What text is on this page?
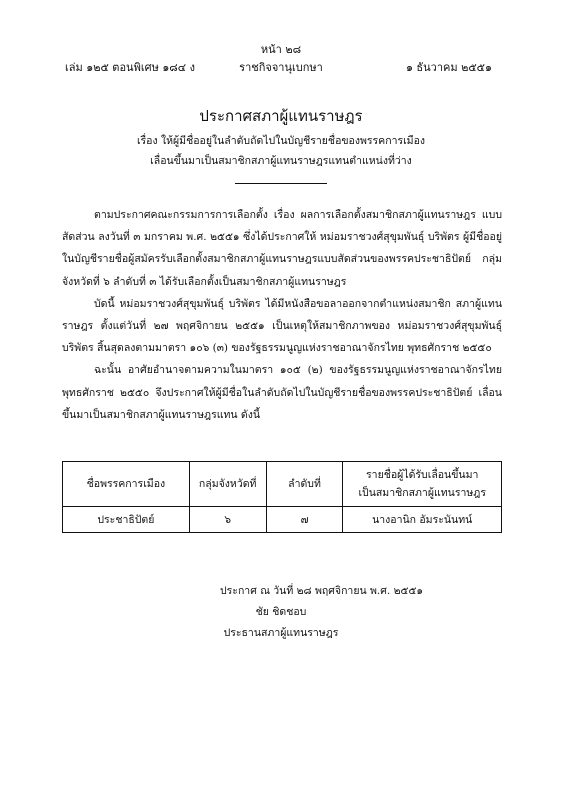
หน้า ๒๘
เล่ม ๑๒๕ ตอนพิเศษ ๑๘๔ ง	ราชกิจจานุเบกษา	๑ ธันวาคม ๒๕๕๑
ประกาศสภาผู้แทนราษฎร
เรื่อง ให้ผู้มีชื่ออยู่ในลำดับถัดไปในบัญชีรายชื่อของพรรคการเมือง
เลื่อนขึ้นมาเป็นสมาชิกสภาผู้แทนราษฎรแทนตำแหน่งที่ว่าง

ตามประกาศคณะกรรมการการเลือกตั้ง เรื่อง ผลการเลือกตั้งสมาชิกสภาผู้แทนราษฎร แบบสัดส่วน ลงวันที่ ๓ มกราคม พ.ศ. ๒๕๕๑ ซึ่งได้ประกาศให้ หม่อมราชวงศ์สุขุมพันธุ์ บริพัตร ผู้มีชื่ออยู่ในบัญชีรายชื่อผู้สมัครรับเลือกตั้งสมาชิกสภาผู้แทนราษฎรแบบสัดส่วนของพรรคประชาธิปัตย์ กลุ่มจังหวัดที่ ๖ ลำดับที่ ๓ ได้รับเลือกตั้งเป็นสมาชิกสภาผู้แทนราษฎร

บัดนี้ หม่อมราชวงศ์สุขุมพันธุ์ บริพัตร ได้มีหนังสือขอลาออกจากตำแหน่งสมาชิก สภาผู้แทนราษฎร ตั้งแต่วันที่ ๒๗ พฤศจิกายน ๒๕๕๑ เป็นเหตุให้สมาชิกภาพของ หม่อมราชวงศ์สุขุมพันธุ์ บริพัตร สิ้นสุดลงตามมาตรา ๑๐๖ (๓) ของรัฐธรรมนูญแห่งราชอาณาจักรไทย พุทธศักราช ๒๕๕๐

ฉะนั้น อาศัยอำนาจตามความในมาตรา ๑๐๕ (๒) ของรัฐธรรมนูญแห่งราชอาณาจักรไทย พุทธศักราช ๒๕๕๐ จึงประกาศให้ผู้มีชื่อในลำดับถัดไปในบัญชีรายชื่อของพรรคประชาธิปัตย์ เลื่อนขึ้นมาเป็นสมาชิกสภาผู้แทนราษฎรแทน ดังนี้

ชื่อพรรคการเมือง	กลุ่มจังหวัดที่	ลำดับที่	รายชื่อผู้ได้รับเลื่อนขึ้นมา
เป็นสมาชิกสภาผู้แทนราษฎร

ประชาธิปัตย์	๖	๗	นางอานิก อัมระนันทน์
ประกาศ ณ วันที่ ๒๘ พฤศจิกายน พ.ศ. ๒๕๕๑
ชัย ชิดชอบ
ประธานสภาผู้แทนราษฎร
